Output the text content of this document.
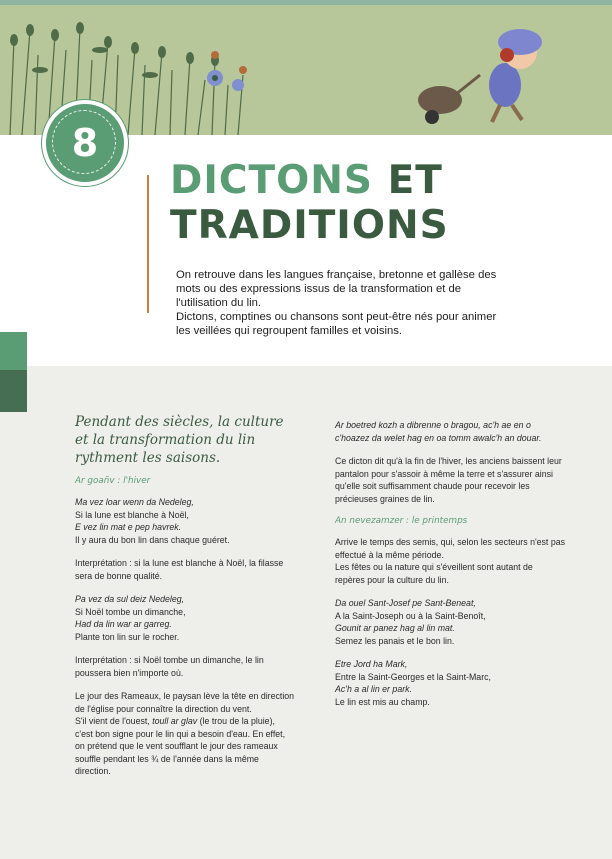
8
DICTONS ET
TRADITIONS

On retrouve dans les langues française, bretonne et gallèse des mots ou des expressions issus de la transformation et de l'utilisation du lin.

Dictons, comptines ou chansons sont peut-être nés pour animer les veillées qui regroupent familles et voisins.

Pendant des siècles, la culture et la transformation du lin rythment les saisons.
Ar goañv : l'hiver

Ma vez loar wenn da Nedeleg,
Si la lune est blanche à Noël,
E vez lin mat e pep havrek.
Il y aura du bon lin dans chaque guéret.

Interprétation : si la lune est blanche à Noël, la filasse sera de bonne qualité.

Pa vez da sul deiz Nedeleg,
Si Noël tombe un dimanche,
Had da lin war ar garreg.
Plante ton lin sur le rocher.

Interprétation : si Noël tombe un dimanche, le lin poussera bien n'importe où.

Le jour des Rameaux, le paysan lève la tête en direction de l'église pour connaître la direction du vent.

S'il vient de l'ouest, toull ar glav (le trou de la pluie), c'est bon signe pour le lin qui a besoin d'eau. En effet, on prétend que le vent soufflant le jour des rameaux souffle pendant les ¾ de l'année dans la même direction.

Ar boetred kozh a dibrenne o bragou, ac'h ae en o c'hoazez da welet hag en oa tomm awalc'h an douar.

Ce dicton dit qu'à la fin de l'hiver, les anciens baissent leur pantalon pour s'assoir à même la terre et s'assurer ainsi qu'elle soit suffisamment chaude pour recevoir les précieuses graines de lin.

An nevezamzer : le printemps

Arrive le temps des semis, qui, selon les secteurs n'est pas effectué à la même période.
Les fêtes ou la nature qui s'éveillent sont autant de repères pour la culture du lin.

Da ouel Sant-Josef pe Sant-Beneat,
A la Saint-Joseph ou à la Saint-Benoît,
Gounit ar panez hag al lin mat.
Semez les panais et le bon lin.

Etre Jord ha Mark,
Entre la Saint-Georges et la Saint-Marc,
Ac'h a al lin er park.
Le lin est mis au champ.
